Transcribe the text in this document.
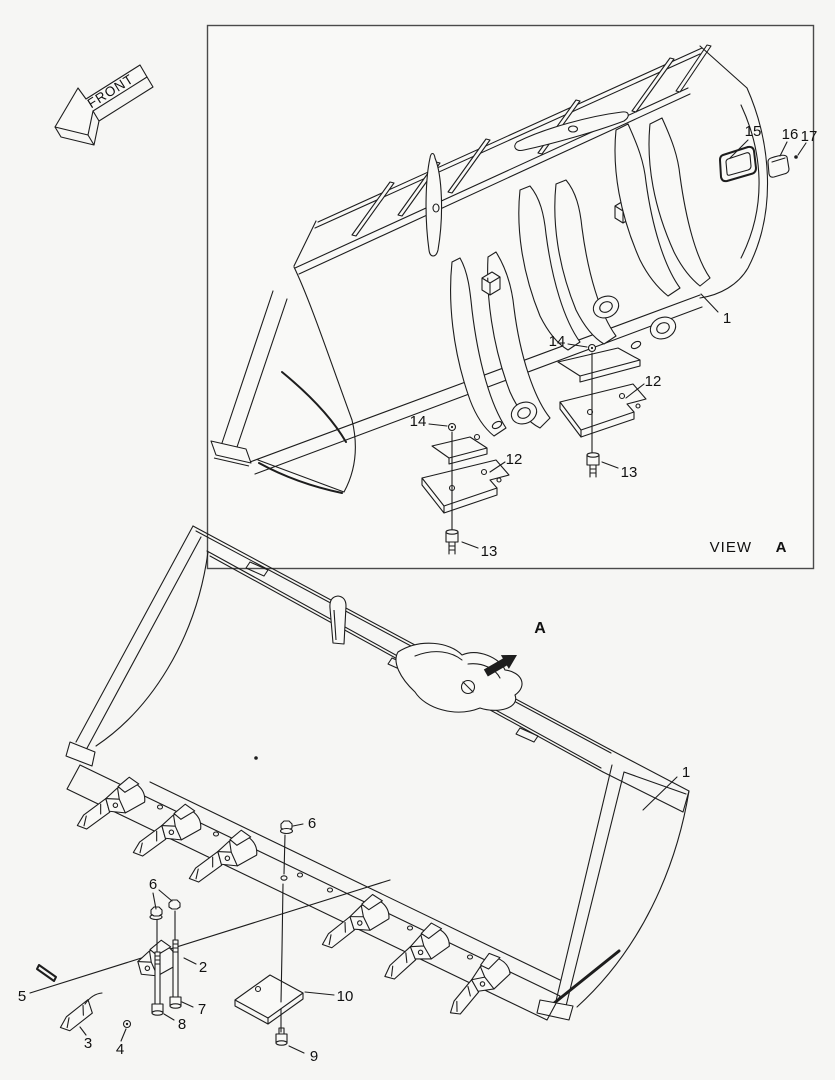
FRONT
1
14
12
13
14
12
13
15 16 17
VIEW A
A
1
6
6
2
5
7
8
3 4
10
9
